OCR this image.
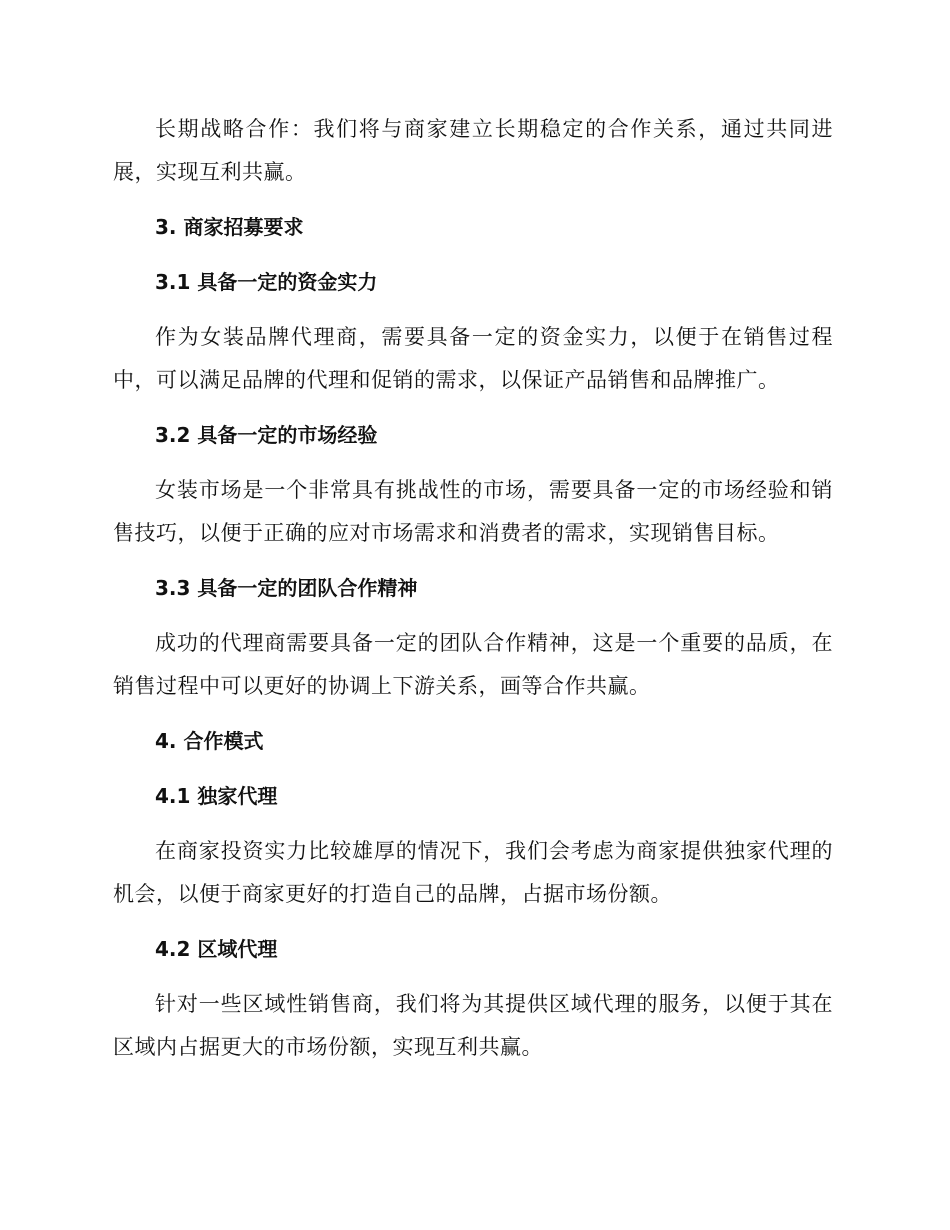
长期战略合作：我们将与商家建立长期稳定的合作关系，通过共同进展，实现互利共赢。

3. 商家招募要求
3.1 具备一定的资金实力

作为女装品牌代理商，需要具备一定的资金实力，以便于在销售过程中，可以满足品牌的代理和促销的需求，以保证产品销售和品牌推广。

3.2 具备一定的市场经验

女装市场是一个非常具有挑战性的市场，需要具备一定的市场经验和销售技巧，以便于正确的应对市场需求和消费者的需求，实现销售目标。

3.3 具备一定的团队合作精神

成功的代理商需要具备一定的团队合作精神，这是一个重要的品质，在销售过程中可以更好的协调上下游关系，画等合作共赢。

4. 合作模式
4.1 独家代理

在商家投资实力比较雄厚的情况下，我们会考虑为商家提供独家代理的机会，以便于商家更好的打造自己的品牌，占据市场份额。

4.2 区域代理

针对一些区域性销售商，我们将为其提供区域代理的服务，以便于其在区域内占据更大的市场份额，实现互利共赢。
